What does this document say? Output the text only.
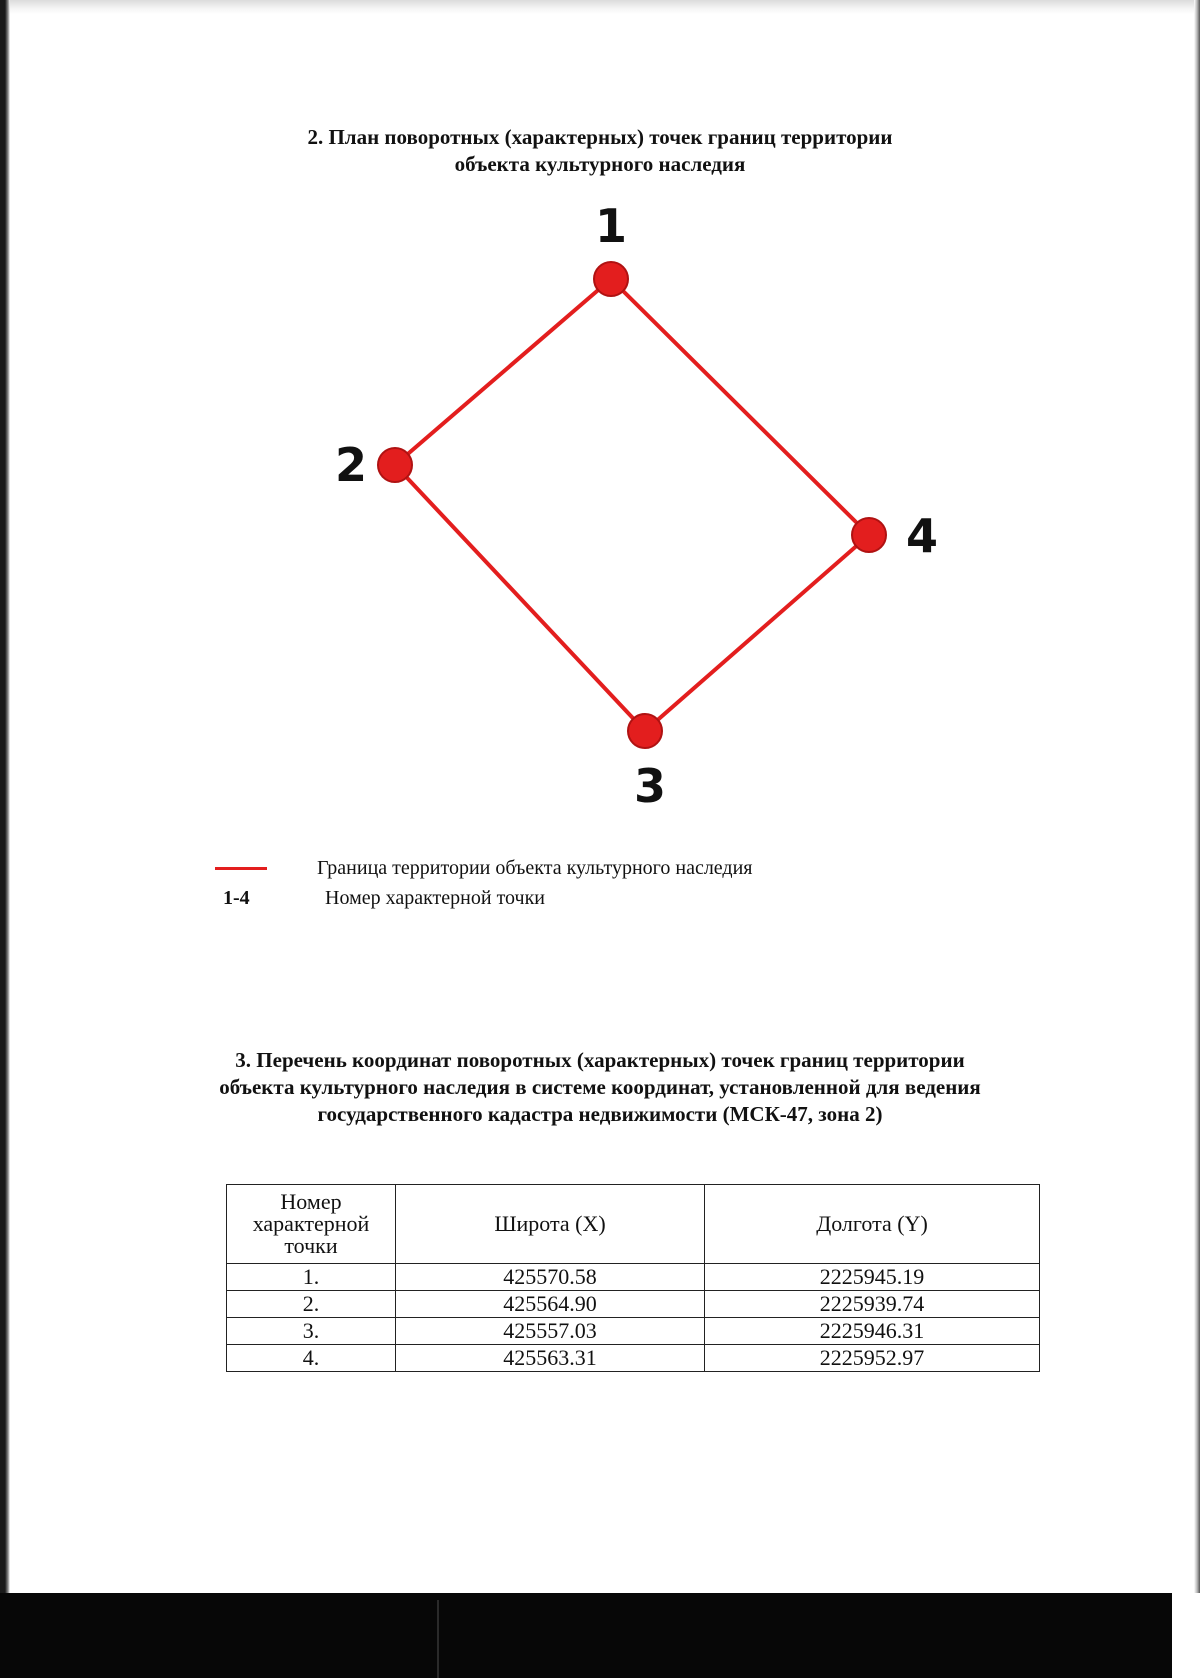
2. План поворотных (характерных) точек границ территории
объекта культурного наследия
1
2
3
4
Граница территории объекта культурного наследия
1-4	Номер характерной точки
3. Перечень координат поворотных (характерных) точек границ территории
объекта культурного наследия в системе координат, установленной для ведения
государственного кадастра недвижимости (МСК-47, зона 2)
Номер
характерной
точки	Широта (X)	Долгота (Y)
1.	425570.58	2225945.19
2.	425564.90	2225939.74
3.	425557.03	2225946.31
4.	425563.31	2225952.97
